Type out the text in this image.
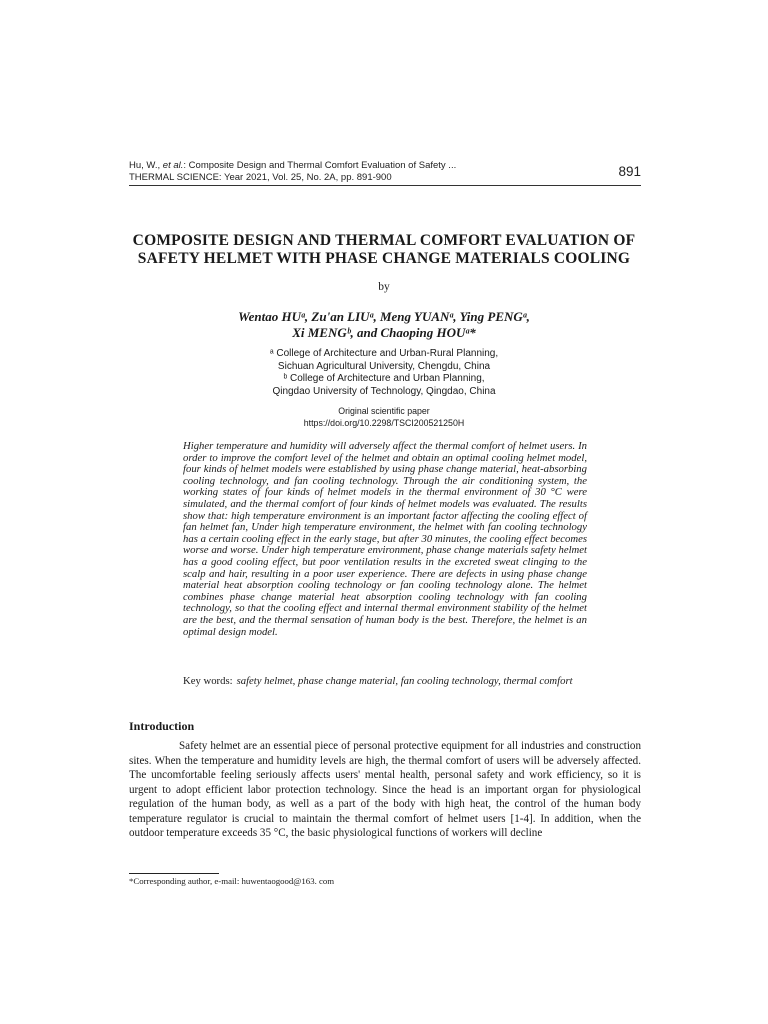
Hu, W., et al.: Composite Design and Thermal Comfort Evaluation of Safety ...
THERMAL SCIENCE: Year 2021, Vol. 25, No. 2A, pp. 891-900	891
COMPOSITE DESIGN AND THERMAL COMFORT EVALUATION OF
SAFETY HELMET WITH PHASE CHANGE MATERIALS COOLING
by
Wentao HUᵃ, Zu'an LIUᵃ, Meng YUANᵃ, Ying PENGᵃ,
Xi MENGᵇ, and Chaoping HOUᵃ*
ᵃ College of Architecture and Urban-Rural Planning,
Sichuan Agricultural University, Chengdu, China
ᵇ College of Architecture and Urban Planning,
Qingdao University of Technology, Qingdao, China
Original scientific paper
https://doi.org/10.2298/TSCI200521250H
Higher temperature and humidity will adversely affect the thermal comfort of helmet users. In order to improve the comfort level of the helmet and obtain an optimal cooling helmet model, four kinds of helmet models were established by using phase change material, heat-absorbing cooling technology, and fan cooling technology. Through the air conditioning system, the working states of four kinds of helmet models in the thermal environment of 30 °C were simulated, and the thermal comfort of four kinds of helmet models was evaluated. The results show that: high temperature environment is an important factor affecting the cooling effect of fan helmet fan, Under high temperature environment, the helmet with fan cooling technology has a certain cooling effect in the early stage, but after 30 minutes, the cooling effect becomes worse and worse. Under high temperature environment, phase change materials safety helmet has a good cooling effect, but poor ventilation results in the excreted sweat clinging to the scalp and hair, resulting in a poor user experience. There are defects in using phase change material heat absorption cooling technology or fan cooling technology alone. The helmet combines phase change material heat absorption cooling technology with fan cooling technology, so that the cooling effect and internal thermal environment stability of the helmet are the best, and the thermal sensation of human body is the best. Therefore, the helmet is an optimal design model.
Key words: safety helmet, phase change material, fan cooling technology, thermal comfort
Introduction
Safety helmet are an essential piece of personal protective equipment for all industries and construction sites. When the temperature and humidity levels are high, the thermal comfort of users will be adversely affected. The uncomfortable feeling seriously affects users' mental health, personal safety and work efficiency, so it is urgent to adopt efficient labor protection technology. Since the head is an important organ for physiological regulation of the human body, as well as a part of the body with high heat, the control of the human body temperature regulator is crucial to maintain the thermal comfort of helmet users [1-4]. In addition, when the outdoor temperature exceeds 35 °C, the basic physiological functions of workers will decline
*Corresponding author, e-mail: huwentaogood@163. com
